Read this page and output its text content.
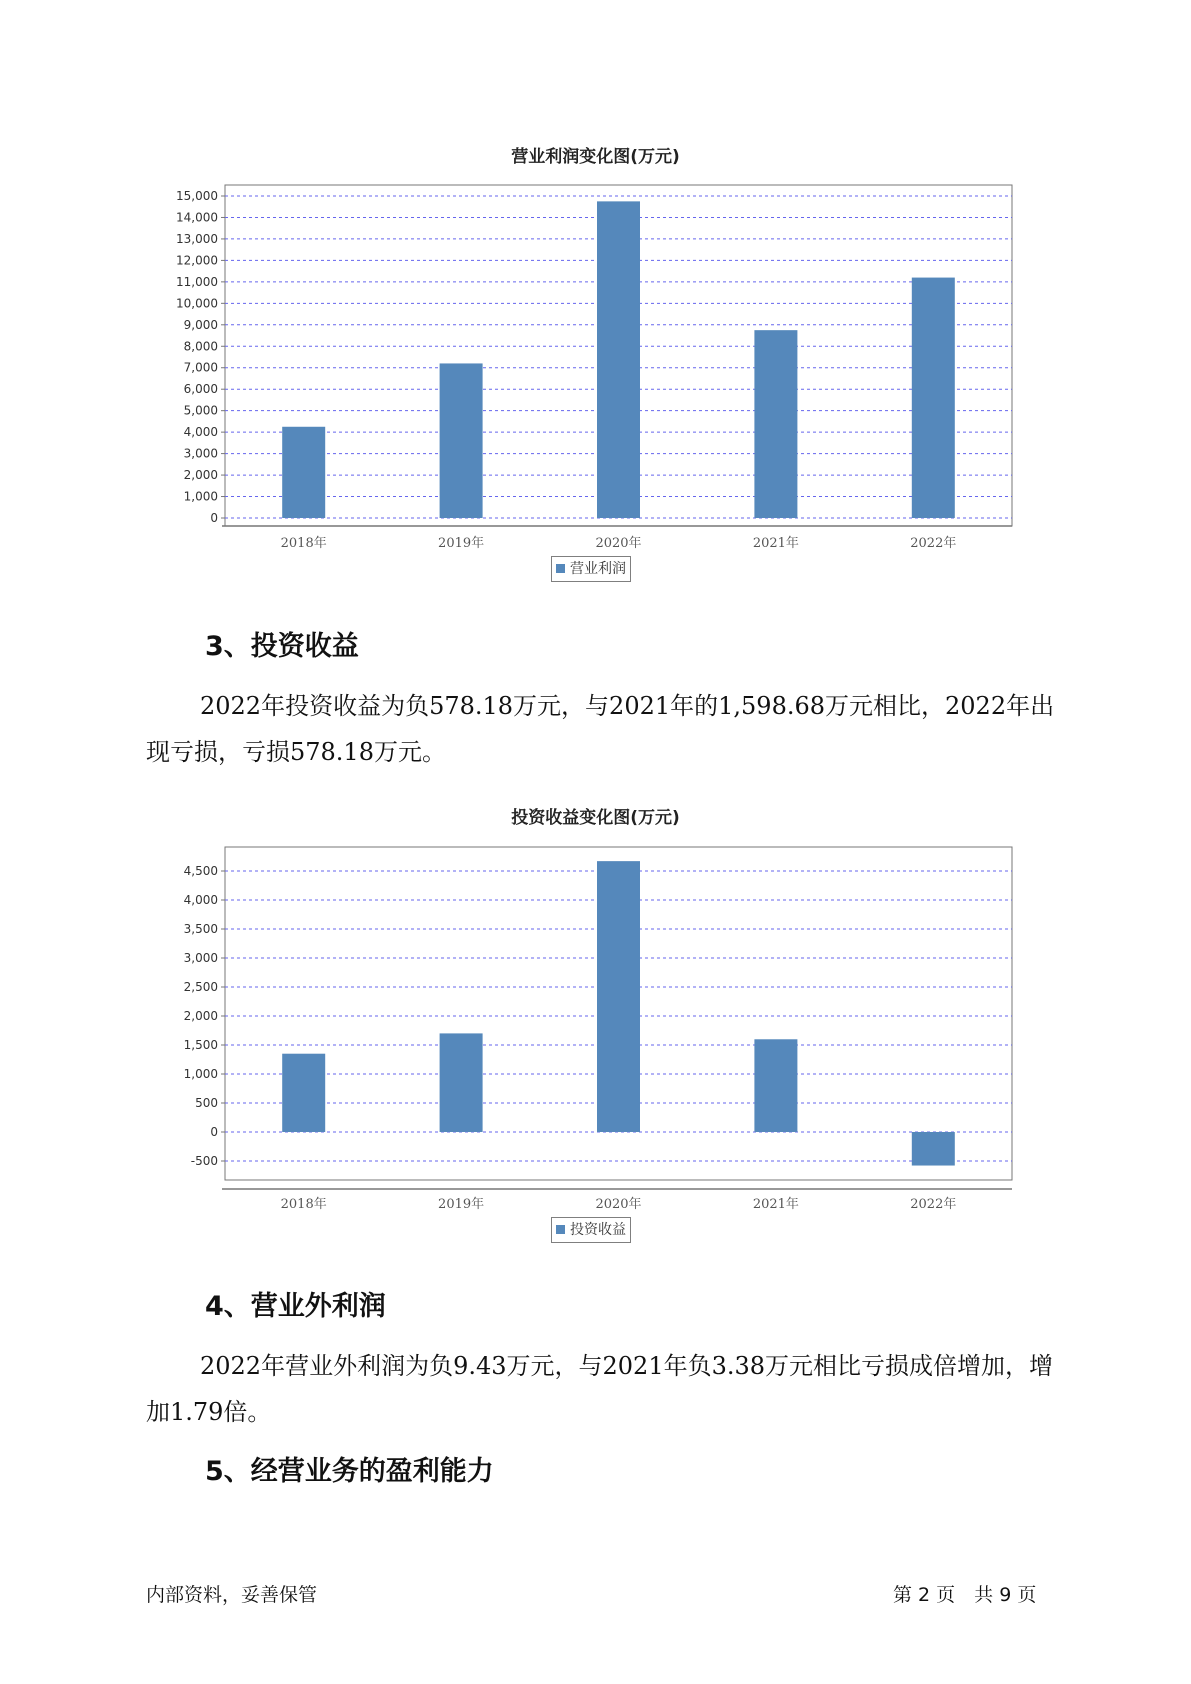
营业利润变化图(万元)
0
1,000
2,000
3,000
4,000
5,000
6,000
7,000
8,000
9,000
10,000
11,000
12,000
13,000
14,000
15,000
2018年	2019年	2020年	2021年	2022年
营业利润
3、投资收益
2022年投资收益为负578.18万元，与2021年的1,598.68万元相比，2022年出现亏损，亏损578.18万元。
投资收益变化图(万元)
-500
0
500
1,000
1,500
2,000
2,500
3,000
3,500
4,000
4,500
2018年	2019年	2020年	2021年	2022年
投资收益
4、营业外利润
2022年营业外利润为负9.43万元，与2021年负3.38万元相比亏损成倍增加，增加1.79倍。
5、经营业务的盈利能力
内部资料，妥善保管	第 2 页　共 9 页
